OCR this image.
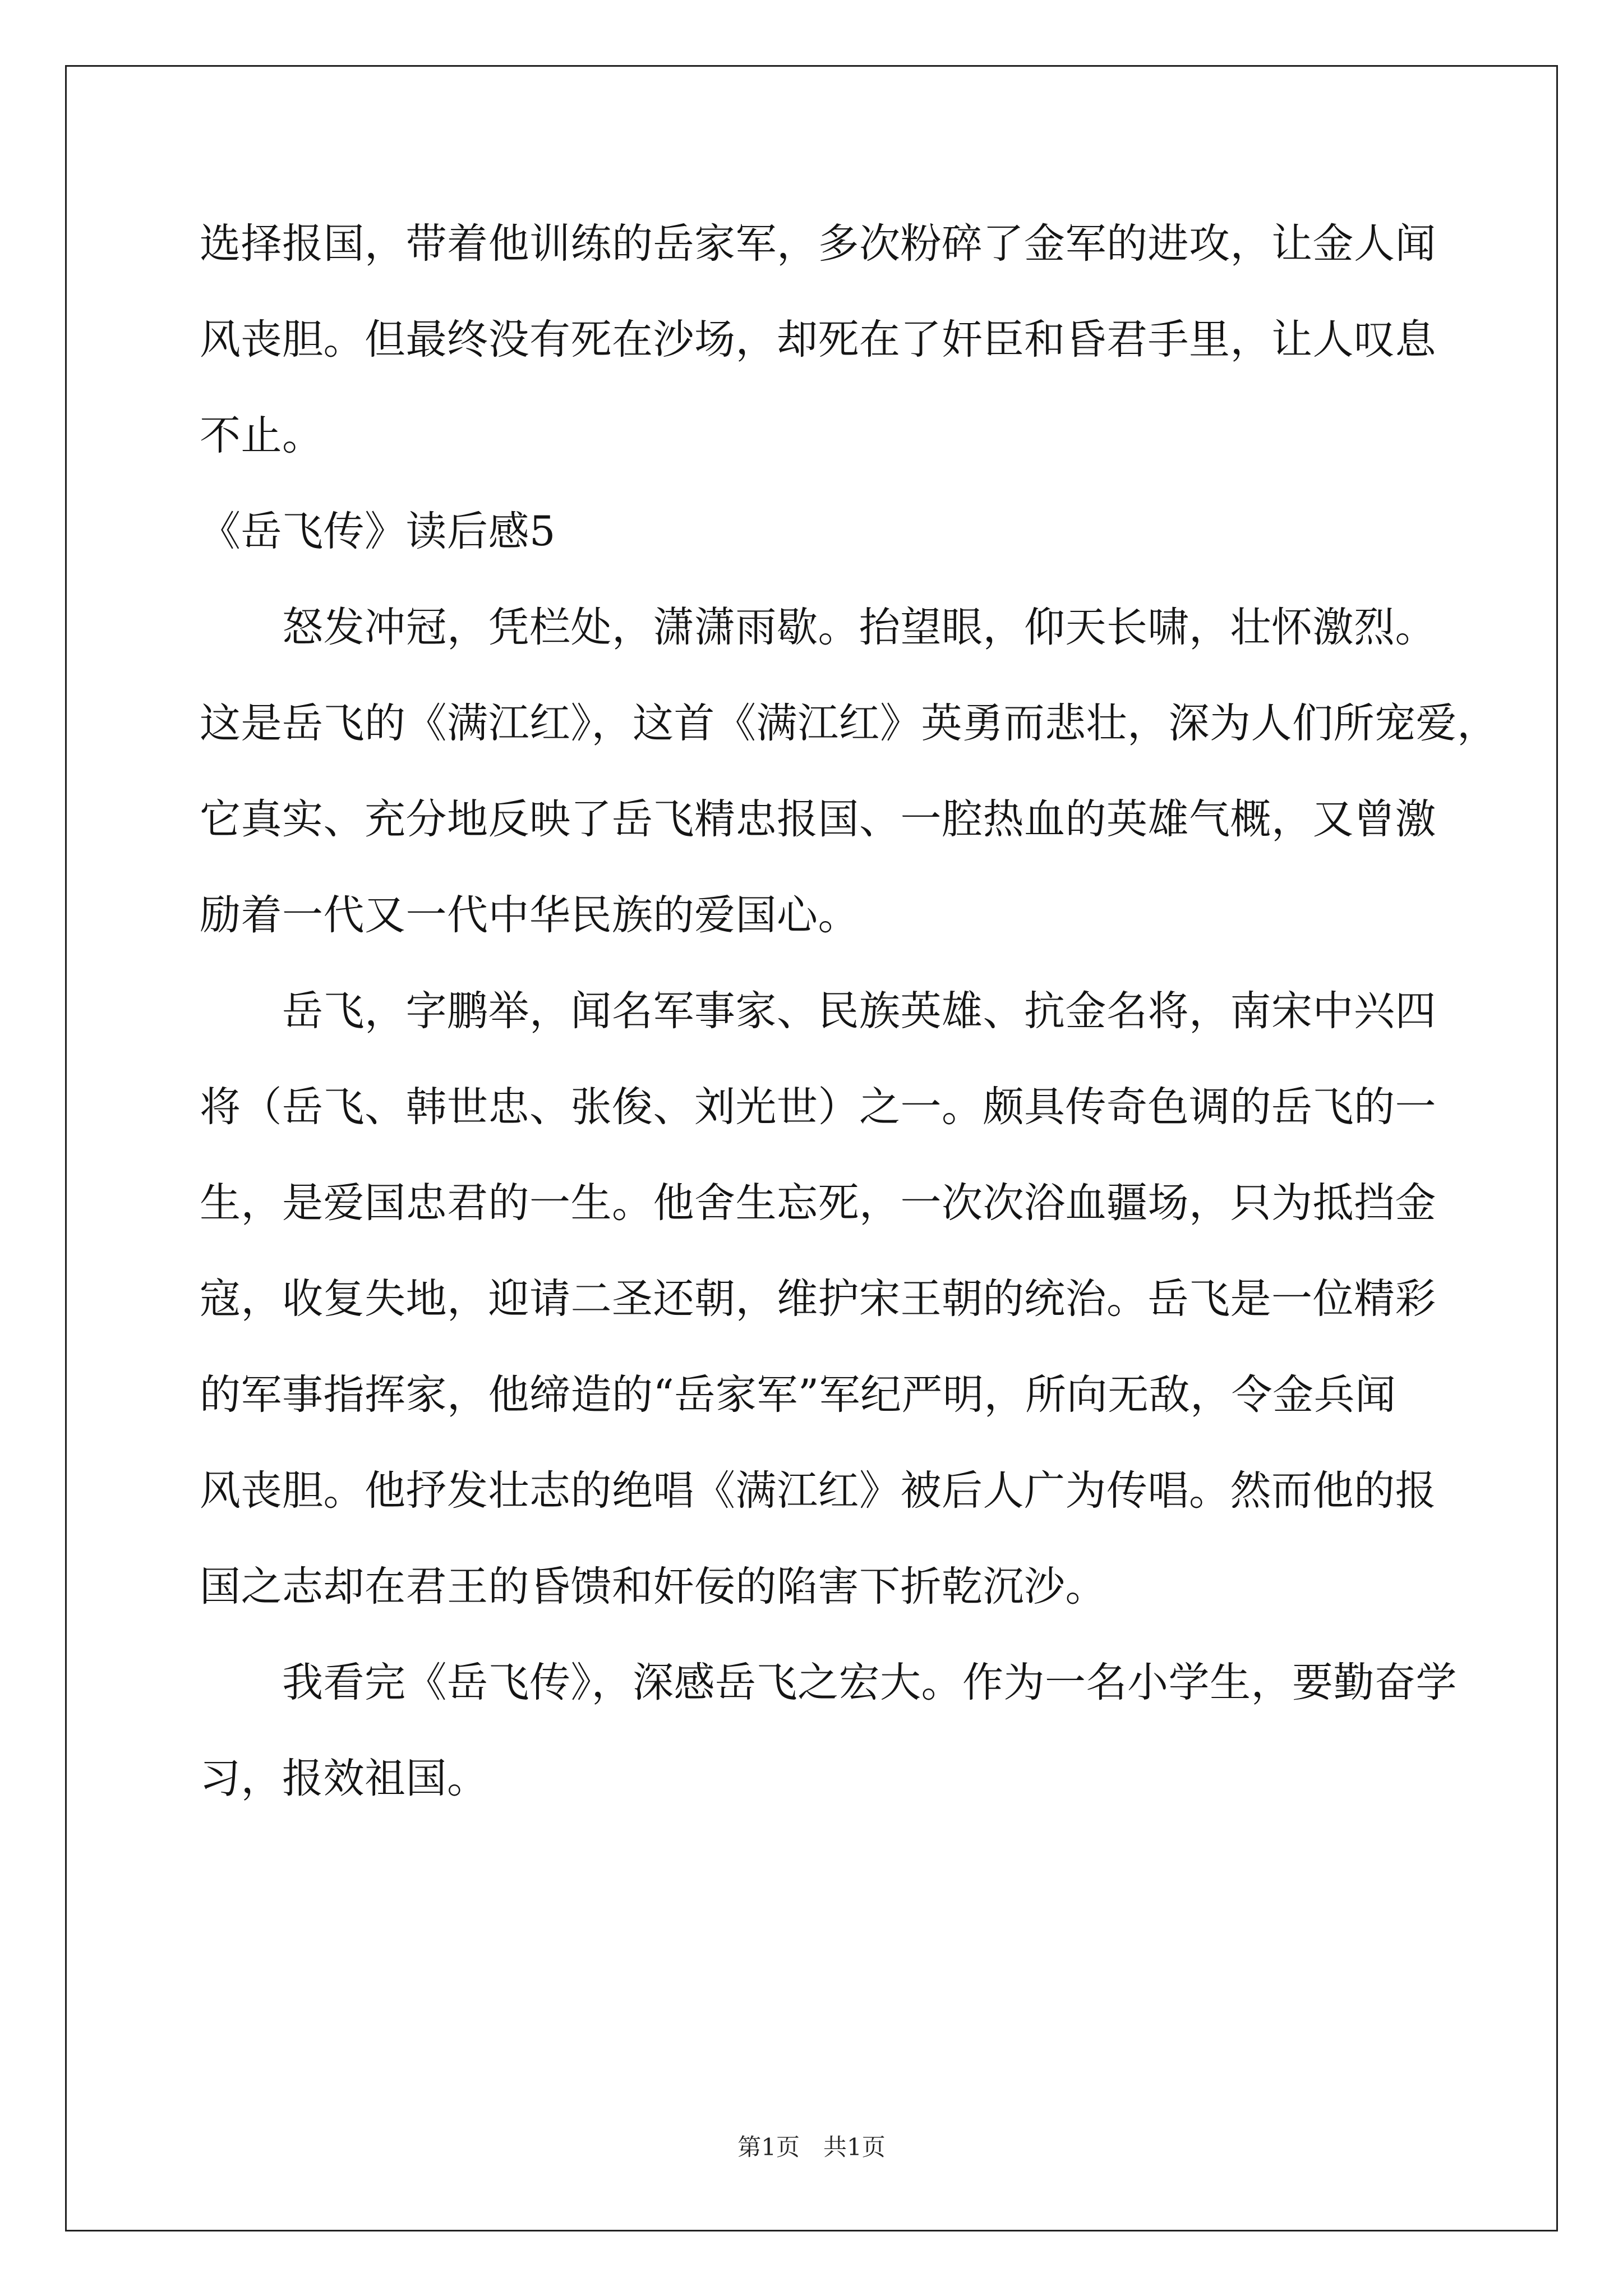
选择报国，带着他训练的岳家军，多次粉碎了金军的进攻，让金人闻
风丧胆。但最终没有死在沙场，却死在了奸臣和昏君手里，让人叹息
不止。
《岳飞传》读后感5
　　怒发冲冠，凭栏处，潇潇雨歇。抬望眼，仰天长啸，壮怀激烈。
这是岳飞的《满江红》，这首《满江红》英勇而悲壮，深为人们所宠爱，
它真实、充分地反映了岳飞精忠报国、一腔热血的英雄气概，又曾激
励着一代又一代中华民族的爱国心。
　　岳飞，字鹏举，闻名军事家、民族英雄、抗金名将，南宋中兴四
将（岳飞、韩世忠、张俊、刘光世）之一。颇具传奇色调的岳飞的一
生，是爱国忠君的一生。他舍生忘死，一次次浴血疆场，只为抵挡金
寇，收复失地，迎请二圣还朝，维护宋王朝的统治。岳飞是一位精彩
的军事指挥家，他缔造的“岳家军”军纪严明，所向无敌，令金兵闻
风丧胆。他抒发壮志的绝唱《满江红》被后人广为传唱。然而他的报
国之志却在君王的昏馈和奸佞的陷害下折乾沉沙。
　　我看完《岳飞传》，深感岳飞之宏大。作为一名小学生，要勤奋学
习，报效祖国。
第1页　共1页
